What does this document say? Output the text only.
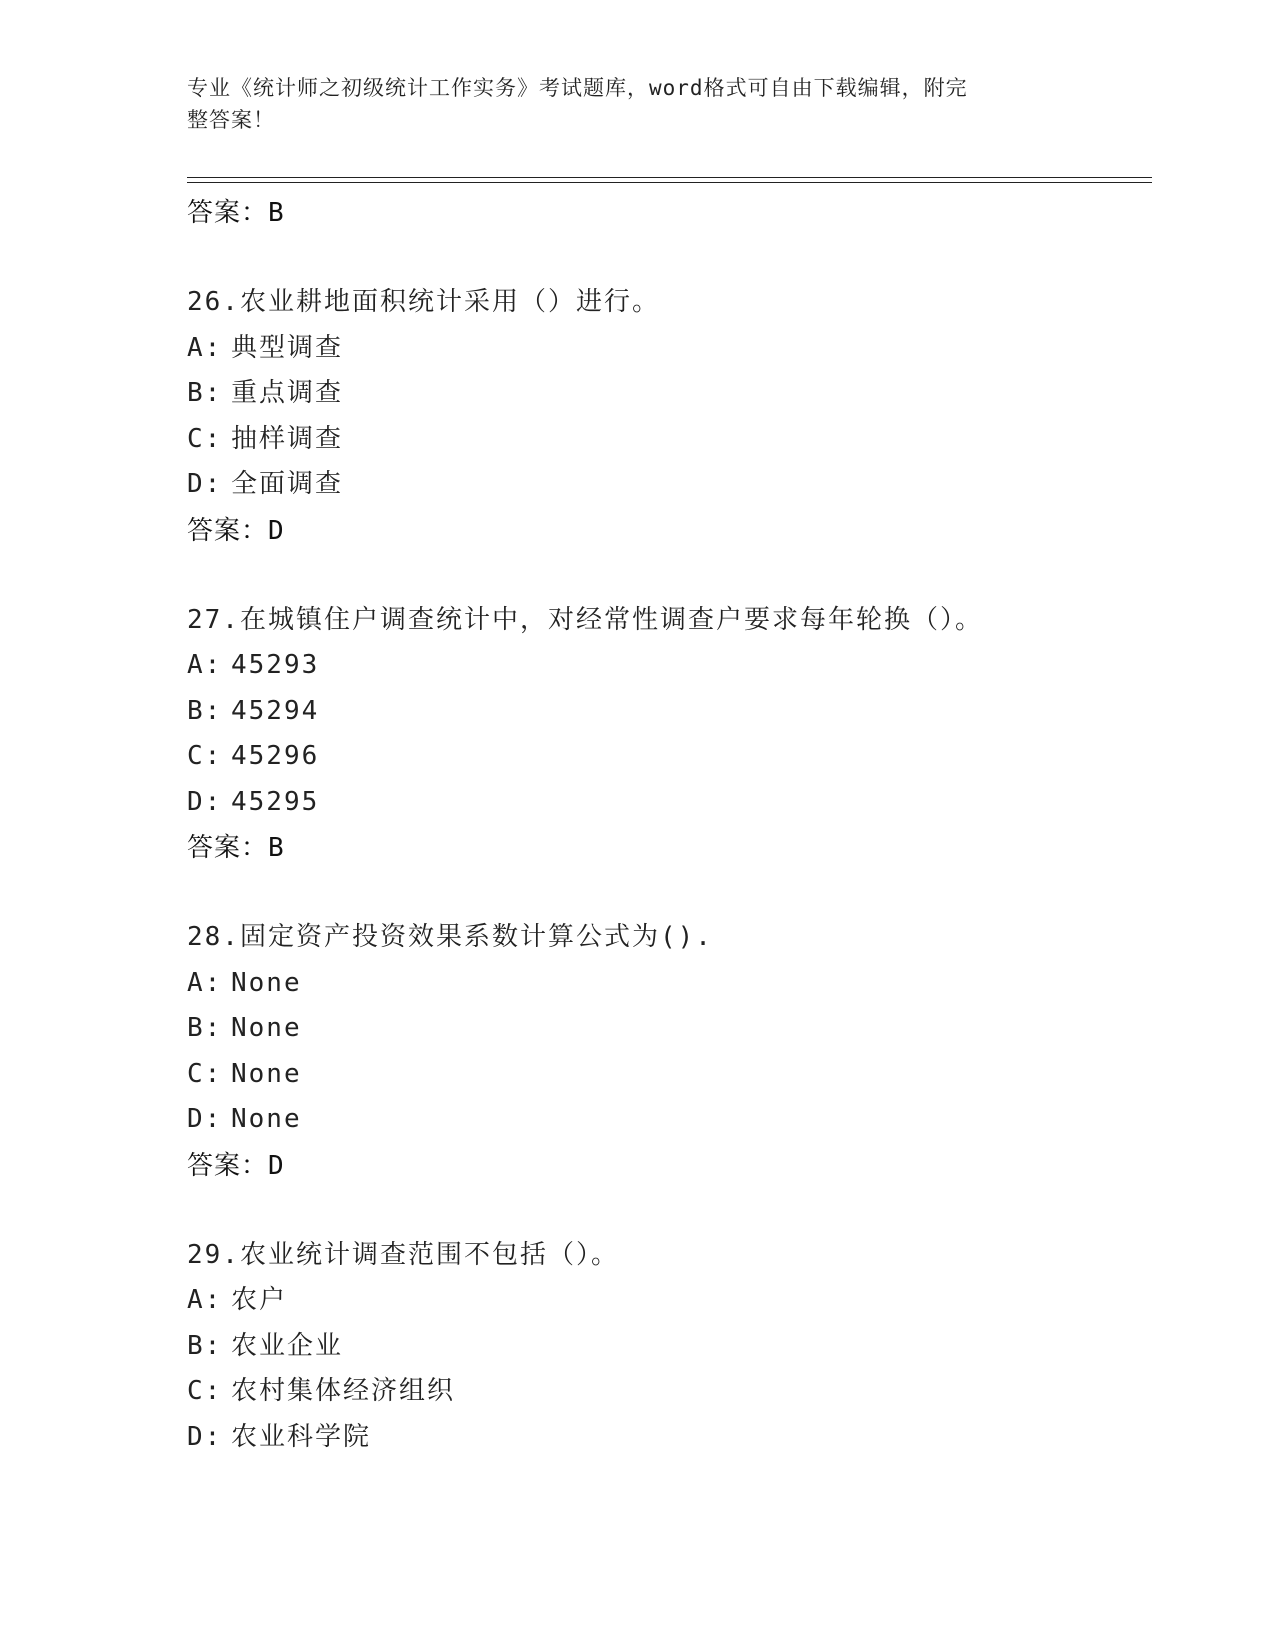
专业《统计师之初级统计工作实务》考试题库，word格式可自由下载编辑，附完
整答案！
答案：B
26.农业耕地面积统计采用（）进行。
A: 典型调查
B: 重点调查
C: 抽样调查
D: 全面调查
答案：D
27.在城镇住户调查统计中，对经常性调查户要求每年轮换（）。
A: 45293
B: 45294
C: 45296
D: 45295
答案：B
28.固定资产投资效果系数计算公式为().
A: None
B: None
C: None
D: None
答案：D
29.农业统计调查范围不包括（）。
A: 农户
B: 农业企业
C: 农村集体经济组织
D: 农业科学院
